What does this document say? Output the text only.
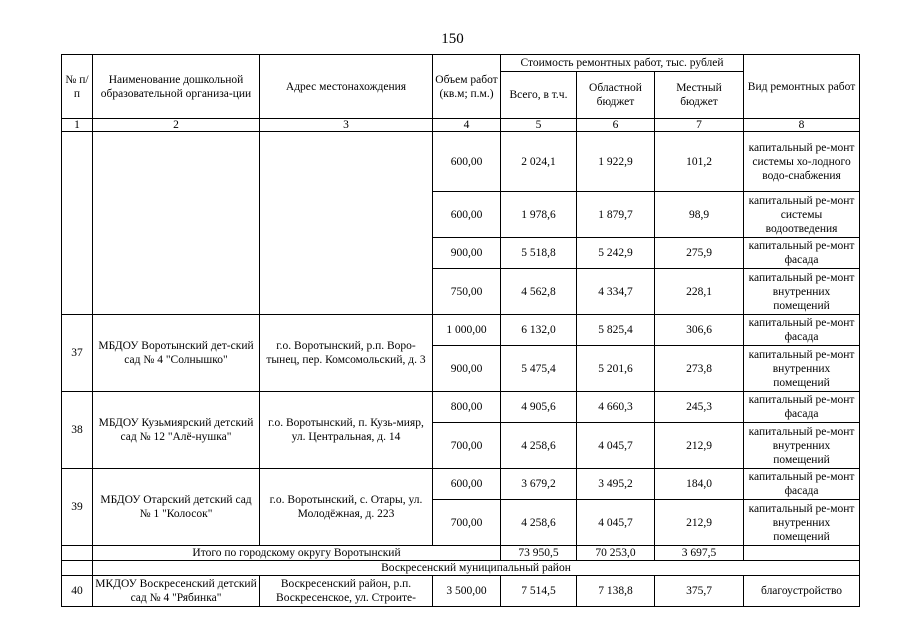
150
№ п/п	Наименование дошкольной образовательной организа-ции	Адрес местонахождения	Объем работ (кв.м; п.м.)	Стоимость ремонтных работ, тыс. рублей			Вид ремонтных работ
				Всего, в т.ч.	Областной бюджет	Местный бюджет	
1	2	3	4	5	6	7	8
			600,00	2 024,1	1 922,9	101,2	капитальный ре-монт системы хо-лодного водо-снабжения
			600,00	1 978,6	1 879,7	98,9	капитальный ре-монт системы водоотведения
			900,00	5 518,8	5 242,9	275,9	капитальный ре-монт фасада
			750,00	4 562,8	4 334,7	228,1	капитальный ре-монт внутренних помещений
37	МБДОУ Воротынский дет-ский сад № 4 "Солнышко"	г.о. Воротынский, р.п. Воро-тынец, пер. Комсомольский, д. 3	1 000,00	6 132,0	5 825,4	306,6	капитальный ре-монт фасада
			900,00	5 475,4	5 201,6	273,8	капитальный ре-монт внутренних помещений
38	МБДОУ Кузьмиярский детский сад № 12 "Алё-нушка"	г.о. Воротынский, п. Кузь-мияр, ул. Центральная, д. 14	800,00	4 905,6	4 660,3	245,3	капитальный ре-монт фасада
			700,00	4 258,6	4 045,7	212,9	капитальный ре-монт внутренних помещений
39	МБДОУ Отарский детский сад № 1 "Колосок"	г.о. Воротынский, с. Отары, ул. Молодёжная, д. 223	600,00	3 679,2	3 495,2	184,0	капитальный ре-монт фасада
			700,00	4 258,6	4 045,7	212,9	капитальный ре-монт внутренних помещений
	Итого по городскому округу Воротынский			73 950,5	70 253,0	3 697,5	
	Воскресенский муниципальный район						
40	МКДОУ Воскресенский детский сад № 4 "Рябинка"	Воскресенский район, р.п. Воскресенское, ул. Строите-	3 500,00	7 514,5	7 138,8	375,7	благоустройство
